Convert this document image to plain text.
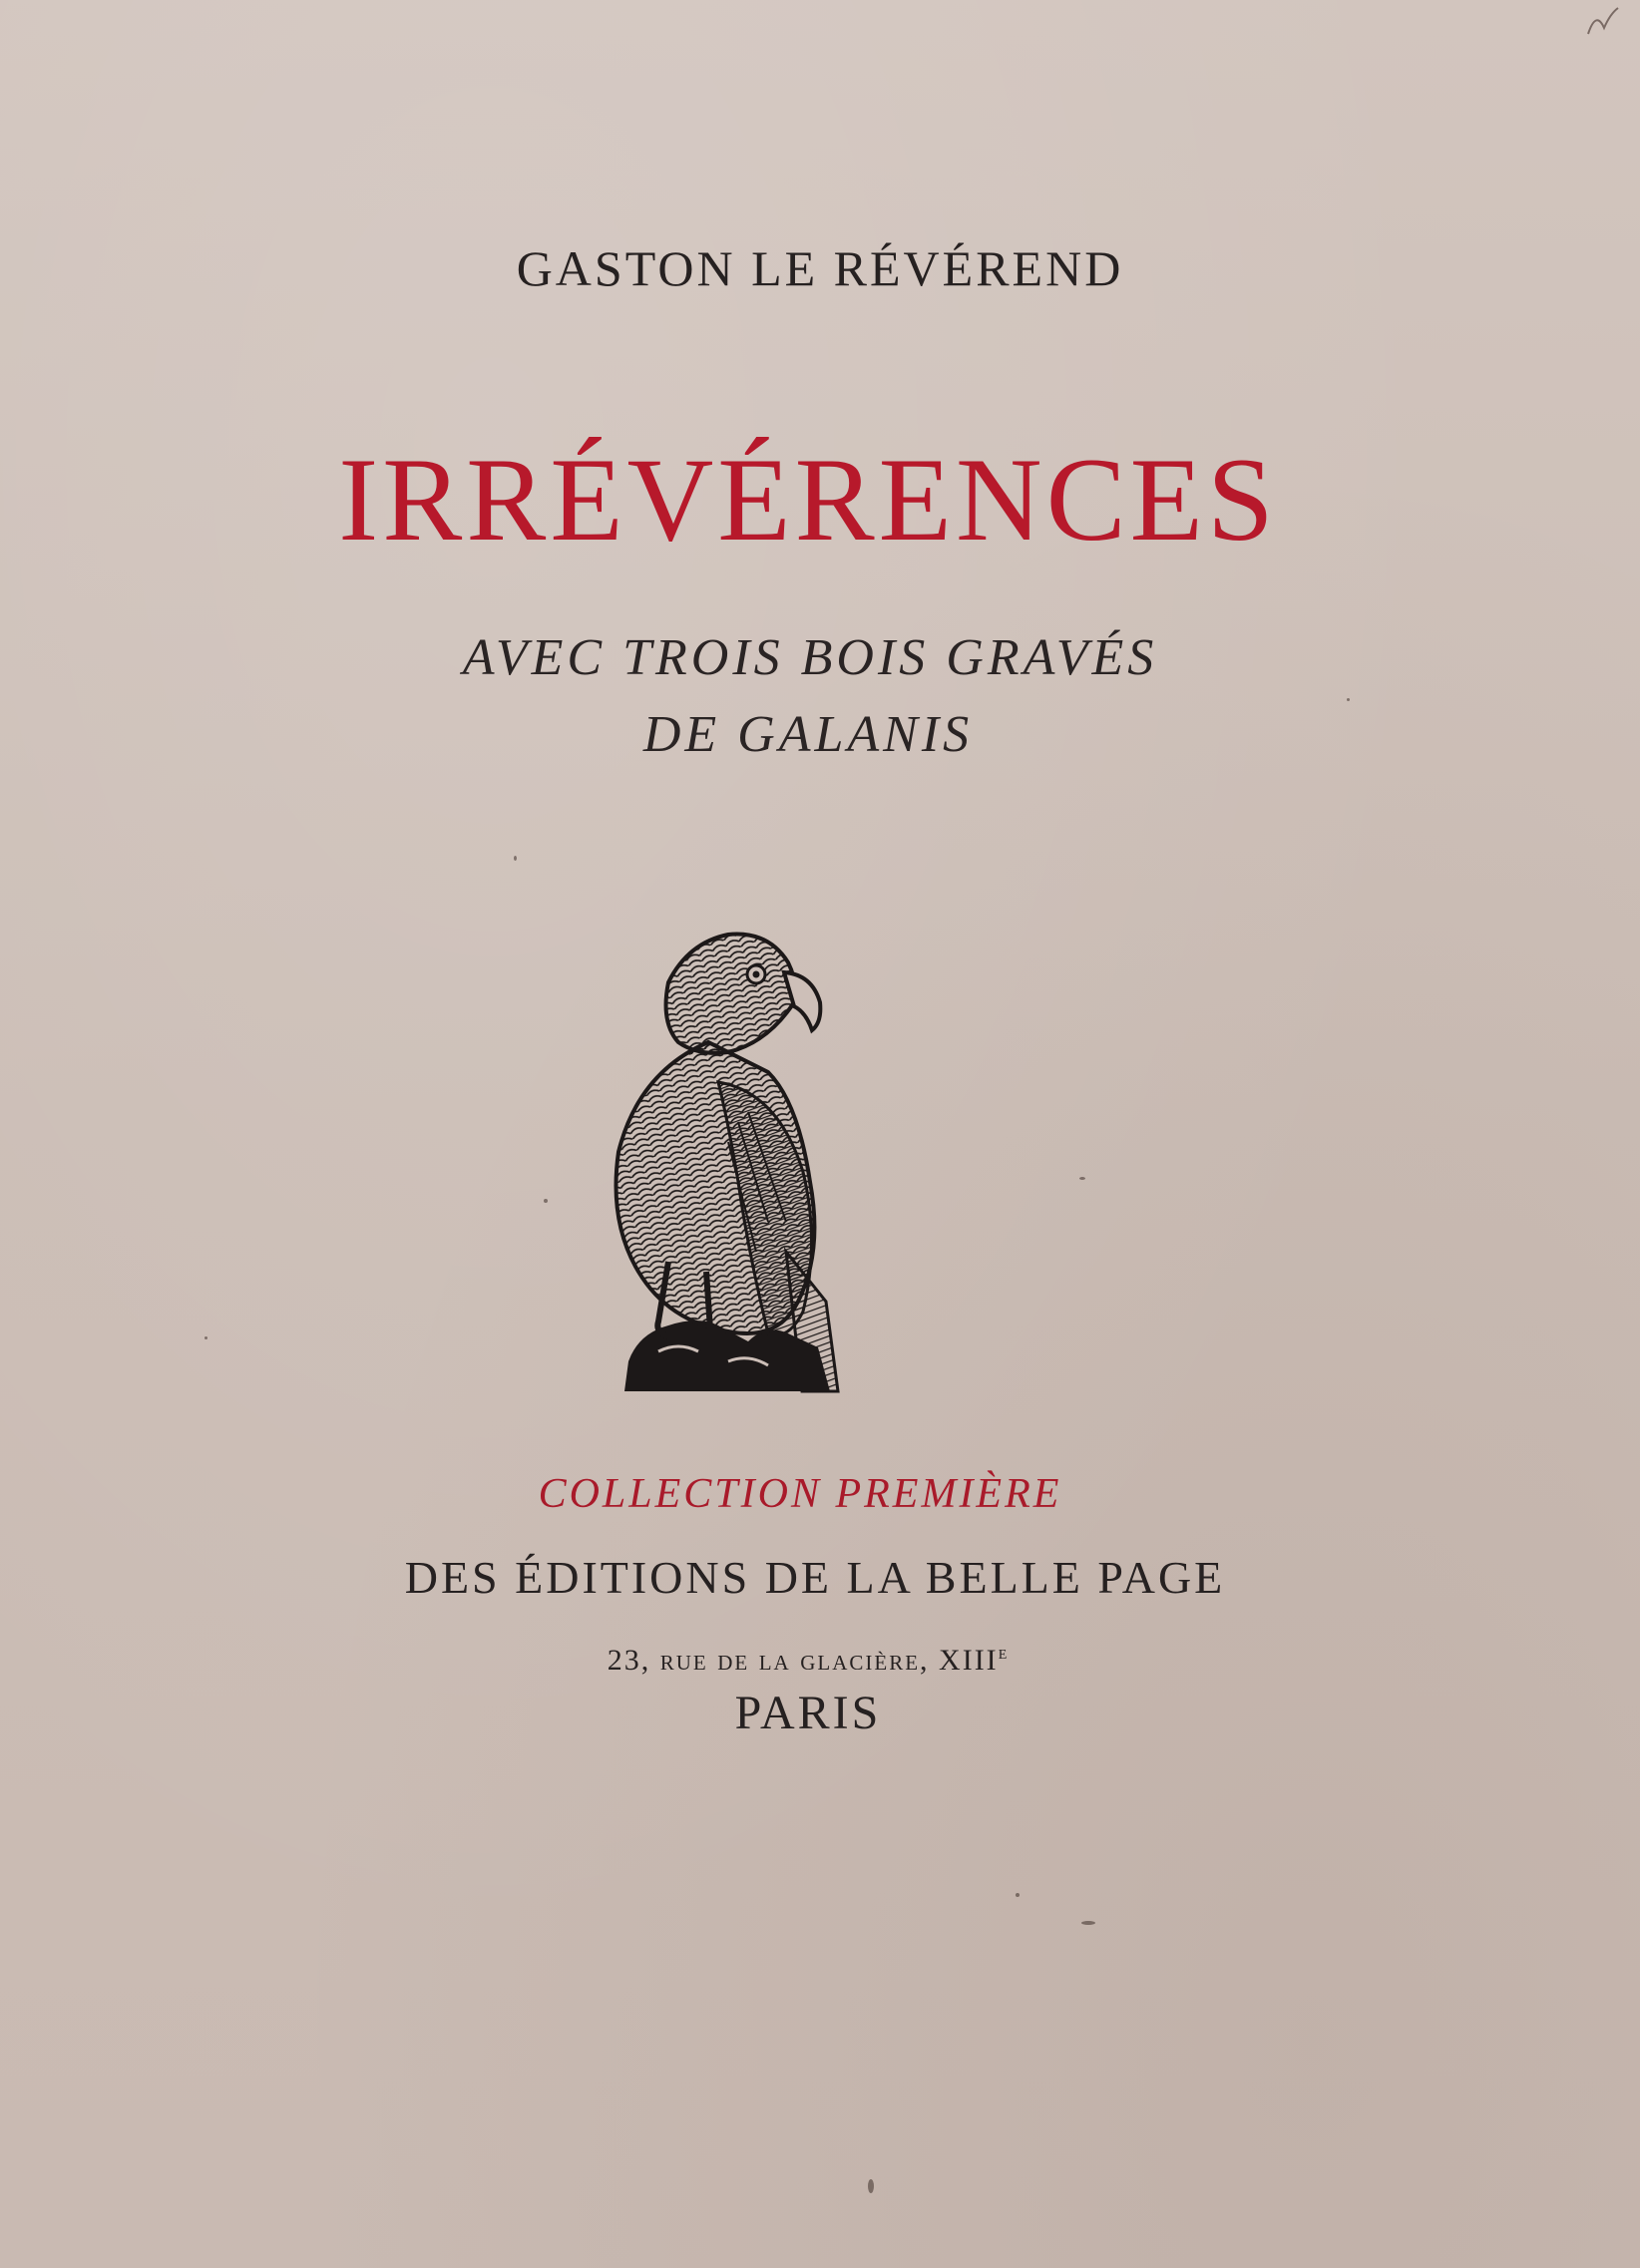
GASTON LE RÉVÉREND
IRRÉVÉRENCES
AVEC TROIS BOIS GRAVÉS
DE GALANIS
COLLECTION PREMIÈRE
DES ÉDITIONS DE LA BELLE PAGE
23, rue de la glacière, XIIIe
PARIS
